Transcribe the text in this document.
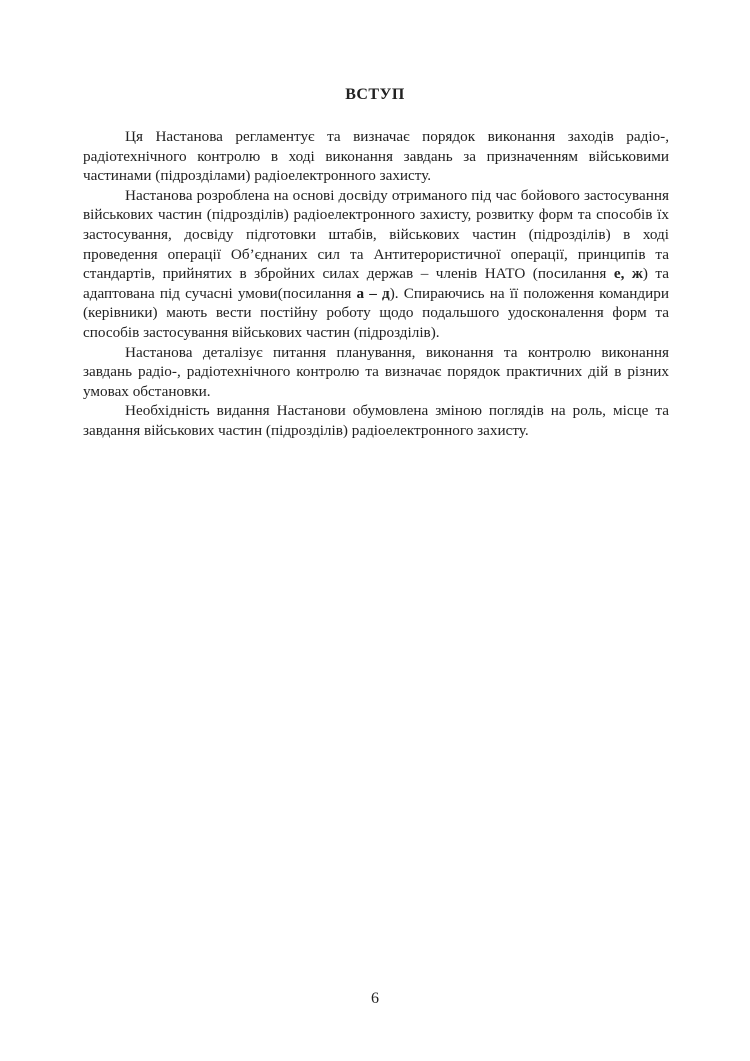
ВСТУП

Ця Настанова регламентує та визначає порядок виконання заходів радіо-, радіотехнічного контролю в ході виконання завдань за призначенням військовими частинами (підрозділами) радіоелектронного захисту.

Настанова розроблена на основі досвіду отриманого під час бойового застосування військових частин (підрозділів) радіоелектронного захисту, розвитку форм та способів їх застосування, досвіду підготовки штабів, військових частин (підрозділів) в ході проведення операції Об’єднаних сил та Антитерористичної операції, принципів та стандартів, прийнятих в збройних силах держав – членів НАТО (посилання е, ж) та адаптована під сучасні умови(посилання а – д). Спираючись на її положення командири (керівники) мають вести постійну роботу щодо подальшого удосконалення форм та способів застосування військових частин (підрозділів).

Настанова деталізує питання планування, виконання та контролю виконання завдань радіо-, радіотехнічного контролю та визначає порядок практичних дій в різних умовах обстановки.

Необхідність видання Настанови обумовлена зміною поглядів на роль, місце та завдання військових частин (підрозділів) радіоелектронного захисту.

6
